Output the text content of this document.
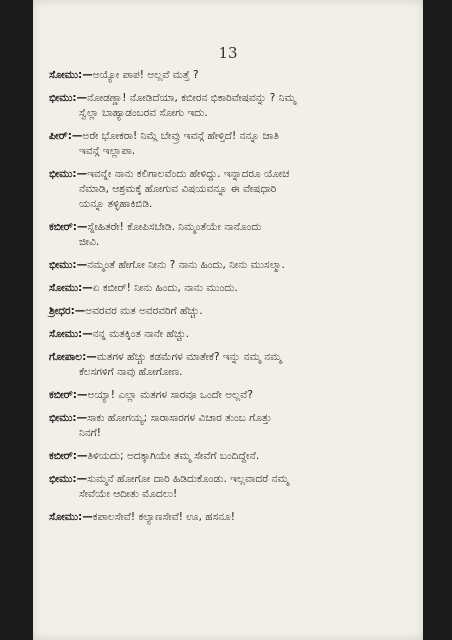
13
ಸೋಮು:—ಅಯ್ಯೋ ಪಾಪ! ಅಲ್ಲವೆ ಮತ್ತೆ ?
ಭೀಮು:—ನೋಡಣ್ಣಾ! ನೋಡಿದೆಯಾ, ಕಬೀರನ ಭಿಕಾರಿವೇಷವನ್ನು ? ನಿಮ್ಮ
ಸ್ವೆಲ್ಲಾ ಬಾಹ್ಯಾಡಂಬರವ ಸೋಗು ಇದು.
ಪೀರ್:—ಅರೇ ಭೋಕರಾ! ನಿಮ್ಗೆ ಬೇವ್ರು ಇವನ್ಗೆ ಹೇಳ್ತಿದೆ! ನನ್ನೂ ಜಾತಿ
ಇವನ್ಗೆ ಇಲ್ಲಾಪಾ.
ಭೀಮು:—ಇವನ್ನೇ ನಾನು ಕಲಿಗಾಲವೆಂದು ಹೇಳಿದ್ದು. ಇನ್ನಾದರೂ ಯೋಚ
ನೆಮಾಡಿ, ಆಶ್ರಮಕ್ಕೆ ಹೋಗುವ ವಿಷಯವನ್ನೂ ಈ ವೇಷಧಾರಿ
ಯನ್ನೂ ತಳ್ಳಿಹಾಕಿಬಿಡಿ.
ಕಬೀರ್:—ಸ್ನೇಹಿತರೇ! ಕೋಪಿಸಬೇಡಿ. ನಿಮ್ಮಂತೆಯೇ ನಾನೊಂದು
ಜೀವಿ.
ಭೀಮು:—ನಮ್ಮಂತೆ ಹೇಗೋ ನೀನು ? ನಾನು ಹಿಂದು, ನೀನು ಮುಸಲ್ಮಾ.
ಸೋಮು:—ಏ ಕಬೀರ್! ನೀನು ಹಿಂದು, ನಾನು ಮುಂದು.
ಶ್ರೀಧರ:—ಅವರವರ ಮತ ಅವರವರಿಗೆ ಹೆಚ್ಚು.
ಸೋಮು:—ನನ್ನ ಮತಕ್ಕಿಂತ ನಾನೇ ಹೆಚ್ಚು.
ಗೋಪಾಲ:—ಮತಗಳ ಹೆಚ್ಚು ಕಡಮೆಗಳ ಮಾತೇಕೆ? ಇನ್ನು ನಮ್ಮ ನಮ್ಮ
ಕೆಲಸಗಳಿಗೆ ನಾವು ಹೋಗೋಣ.
ಕಬೀರ್:—ಅಯ್ಯಾ! ಎಲ್ಲಾ ಮತಗಳ ಸಾರವೂ ಒಂದೇ ಅಲ್ಲವೆ?
ಭೀಮು:—ಸಾಕು ಹೋಗಯ್ಯ; ಸಾರಾಸಾರಗಳ ವಿಚಾರ ತುಂಬ ಗೊತ್ತು
ನಿನಗೆ!
ಕಬೀರ್:—ತಿಳಿಯದು; ಅದಕ್ಕಾಗಿಯೇ ತಮ್ಮ ಸೇವೆಗೆ ಬಂದಿದ್ದೇನೆ.
ಭೀಮು:—ಸುಮ್ಮನೆ ಹೋಗೋ ದಾರಿ ಹಿಡಿದುಕೊಂಡು. ಇಲ್ಲವಾದರೆ ನಮ್ಮ
ಸೇವೆಯೇ ಆದೀತು ಮೊದಲು!
ಸೋಮು:—ಕಪಾಲಸೇವೆ! ಕಲ್ಯಾಣಸೇವೆ! ಊ, ಹಸನೂ!
